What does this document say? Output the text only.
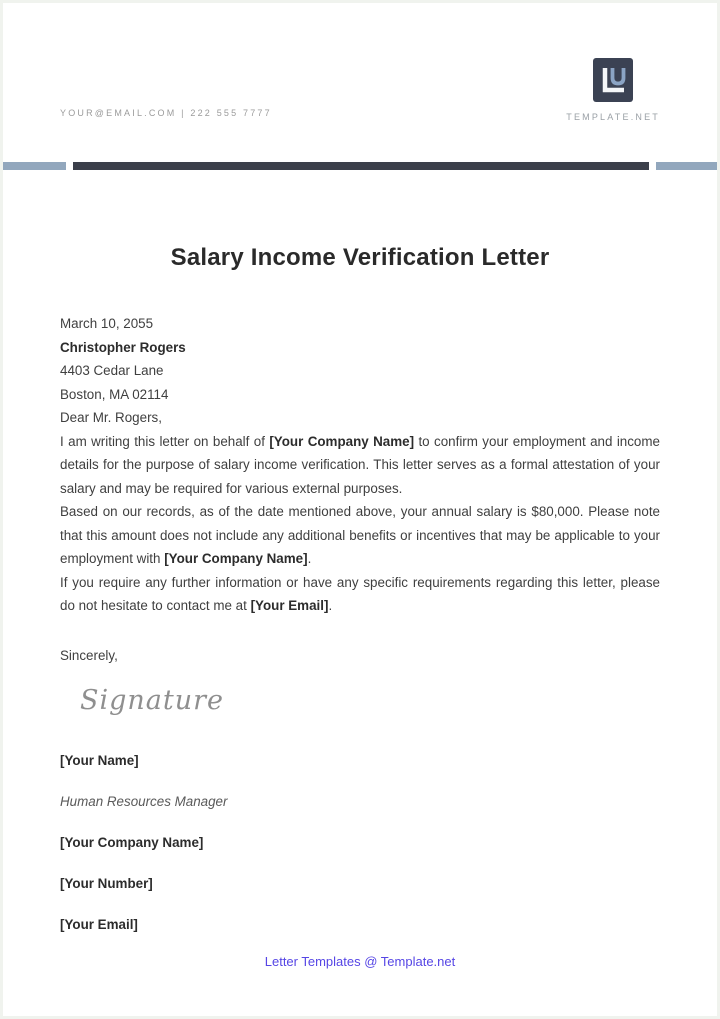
YOUR@EMAIL.COM | 222 555 7777	TEMPLATE.NET
Salary Income Verification Letter
March 10, 2055
Christopher Rogers
4403 Cedar Lane
Boston, MA 02114
Dear Mr. Rogers,

I am writing this letter on behalf of [Your Company Name] to confirm your employment and income details for the purpose of salary income verification. This letter serves as a formal attestation of your salary and may be required for various external purposes.

Based on our records, as of the date mentioned above, your annual salary is $80,000. Please note that this amount does not include any additional benefits or incentives that may be applicable to your employment with [Your Company Name].

If you require any further information or have any specific requirements regarding this letter, please do not hesitate to contact me at [Your Email].

Sincerely,

Signature
[Your Name]
Human Resources Manager
[Your Company Name]
[Your Number]
[Your Email]
Letter Templates @ Template.net
